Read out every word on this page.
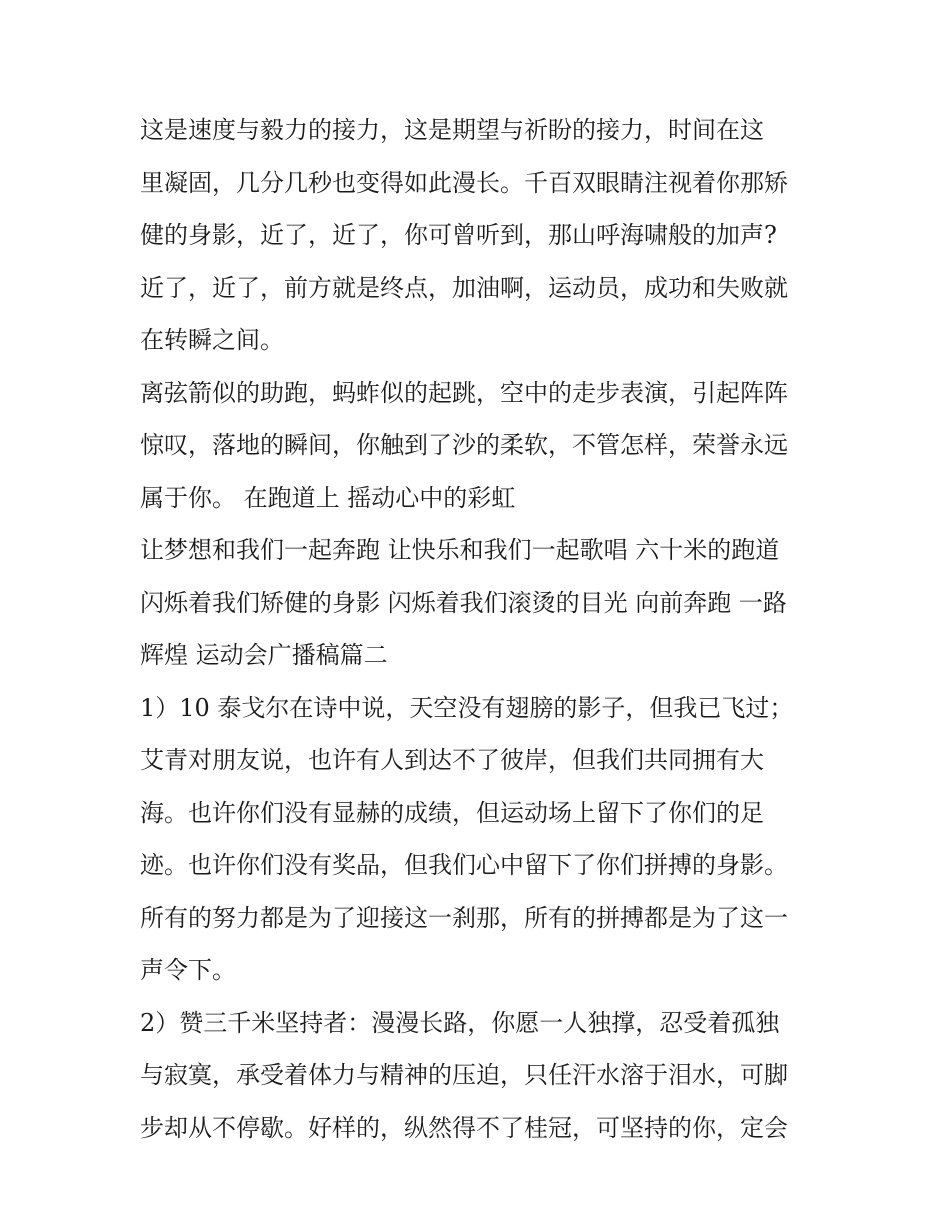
这是速度与毅力的接力，这是期望与祈盼的接力，时间在这
里凝固，几分几秒也变得如此漫长。千百双眼睛注视着你那矫
健的身影，近了，近了，你可曾听到，那山呼海啸般的加声?
近了，近了，前方就是终点，加油啊，运动员，成功和失败就
在转瞬之间。
离弦箭似的助跑，蚂蚱似的起跳，空中的走步表演，引起阵阵
惊叹，落地的瞬间，你触到了沙的柔软，不管怎样，荣誉永远
属于你。 在跑道上 摇动心中的彩虹
让梦想和我们一起奔跑 让快乐和我们一起歌唱 六十米的跑道
闪烁着我们矫健的身影 闪烁着我们滚烫的目光 向前奔跑 一路
辉煌 运动会广播稿篇二
1）10 泰戈尔在诗中说，天空没有翅膀的影子，但我已飞过；
艾青对朋友说，也许有人到达不了彼岸，但我们共同拥有大
海。也许你们没有显赫的成绩，但运动场上留下了你们的足
迹。也许你们没有奖品，但我们心中留下了你们拼搏的身影。
所有的努力都是为了迎接这一刹那，所有的拼搏都是为了这一
声令下。
2）赞三千米坚持者：漫漫长路，你愿一人独撑，忍受着孤独
与寂寞，承受着体力与精神的压迫，只任汗水溶于泪水，可脚
步却从不停歇。好样的，纵然得不了桂冠，可坚持的你，定会
